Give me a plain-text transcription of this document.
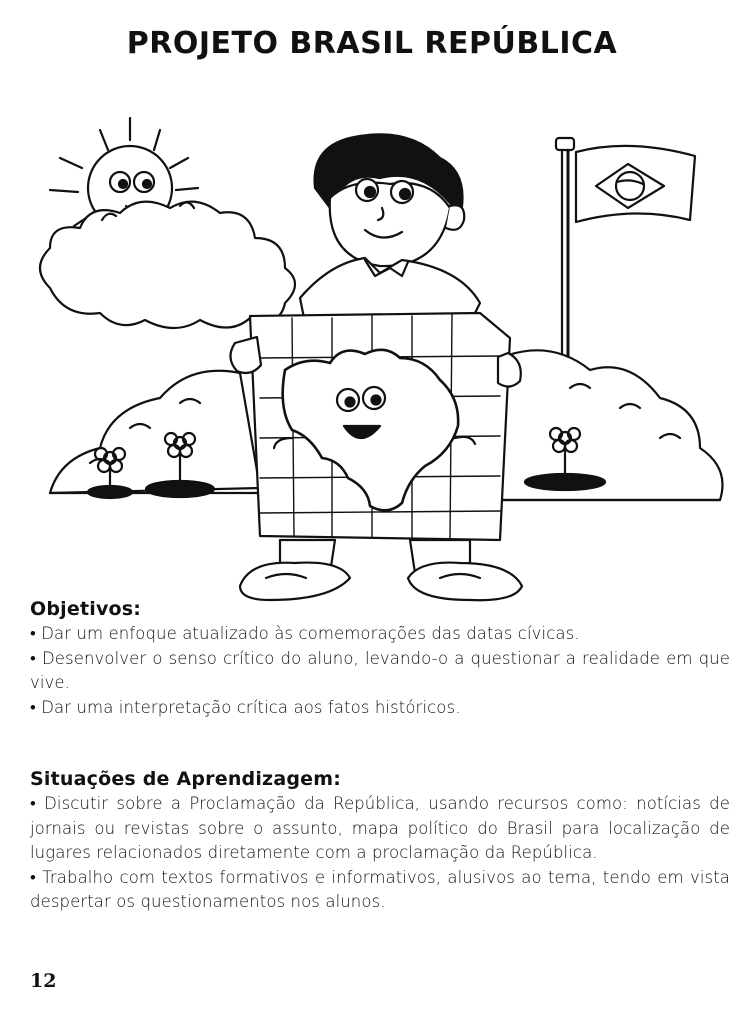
PROJETO BRASIL REPÚBLICA
Objetivos:
• Dar um enfoque atualizado às comemorações das datas cívicas.
• Desenvolver o senso crítico do aluno, levando-o a questionar a realidade em que vive.
• Dar uma interpretação crítica aos fatos históricos.
Situações de Aprendizagem:
• Discutir sobre a Proclamação da República, usando recursos como: notícias de jornais ou revistas sobre o assunto, mapa político do Brasil para localização de lugares relacionados diretamente com a proclamação da República.
• Trabalho com textos formativos e informativos, alusivos ao tema, tendo em vista despertar os questionamentos nos alunos.
12
